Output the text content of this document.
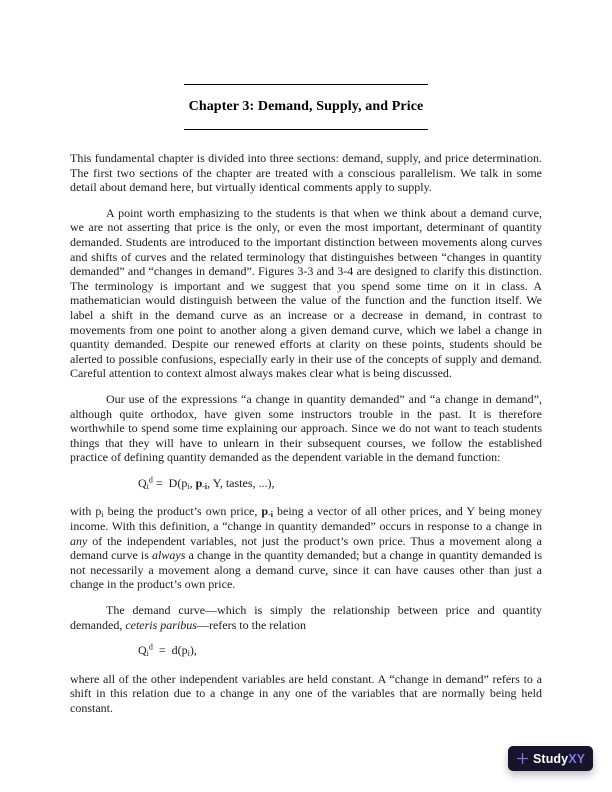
Chapter 3: Demand, Supply, and Price

This fundamental chapter is divided into three sections: demand, supply, and price determination. The first two sections of the chapter are treated with a conscious parallelism. We talk in some detail about demand here, but virtually identical comments apply to supply.

A point worth emphasizing to the students is that when we think about a demand curve, we are not asserting that price is the only, or even the most important, determinant of quantity demanded. Students are introduced to the important distinction between movements along curves and shifts of curves and the related terminology that distinguishes between “changes in quantity demanded” and “changes in demand”. Figures 3-3 and 3-4 are designed to clarify this distinction. The terminology is important and we suggest that you spend some time on it in class. A mathematician would distinguish between the value of the function and the function itself. We label a shift in the demand curve as an increase or a decrease in demand, in contrast to movements from one point to another along a given demand curve, which we label a change in quantity demanded. Despite our renewed efforts at clarity on these points, students should be alerted to possible confusions, especially early in their use of the concepts of supply and demand. Careful attention to context almost always makes clear what is being discussed.

Our use of the expressions “a change in quantity demanded” and “a change in demand”, although quite orthodox, have given some instructors trouble in the past. It is therefore worthwhile to spend some time explaining our approach. Since we do not want to teach students things that they will have to unlearn in their subsequent courses, we follow the established practice of defining quantity demanded as the dependent variable in the demand function:

$Q_i^d = D(p_i$, $p_{-i}$, Y, tastes, ...),

with $p_i$ being the product’s own price, $p_{-i}$ being a vector of all other prices, and Y being money income. With this definition, a “change in quantity demanded” occurs in response to a change in any of the independent variables, not just the product’s own price. Thus a movement along a demand curve is always a change in the quantity demanded; but a change in quantity demanded is not necessarily a movement along a demand curve, since it can have causes other than just a change in the product’s own price.

The demand curve—which is simply the relationship between price and quantity demanded, ceteris paribus—refers to the relation

$Q_i^d = d(p_i)$,

where all of the other independent variables are held constant. A “change in demand” refers to a shift in this relation due to a change in any one of the variables that are normally being held constant.

StudyXY
